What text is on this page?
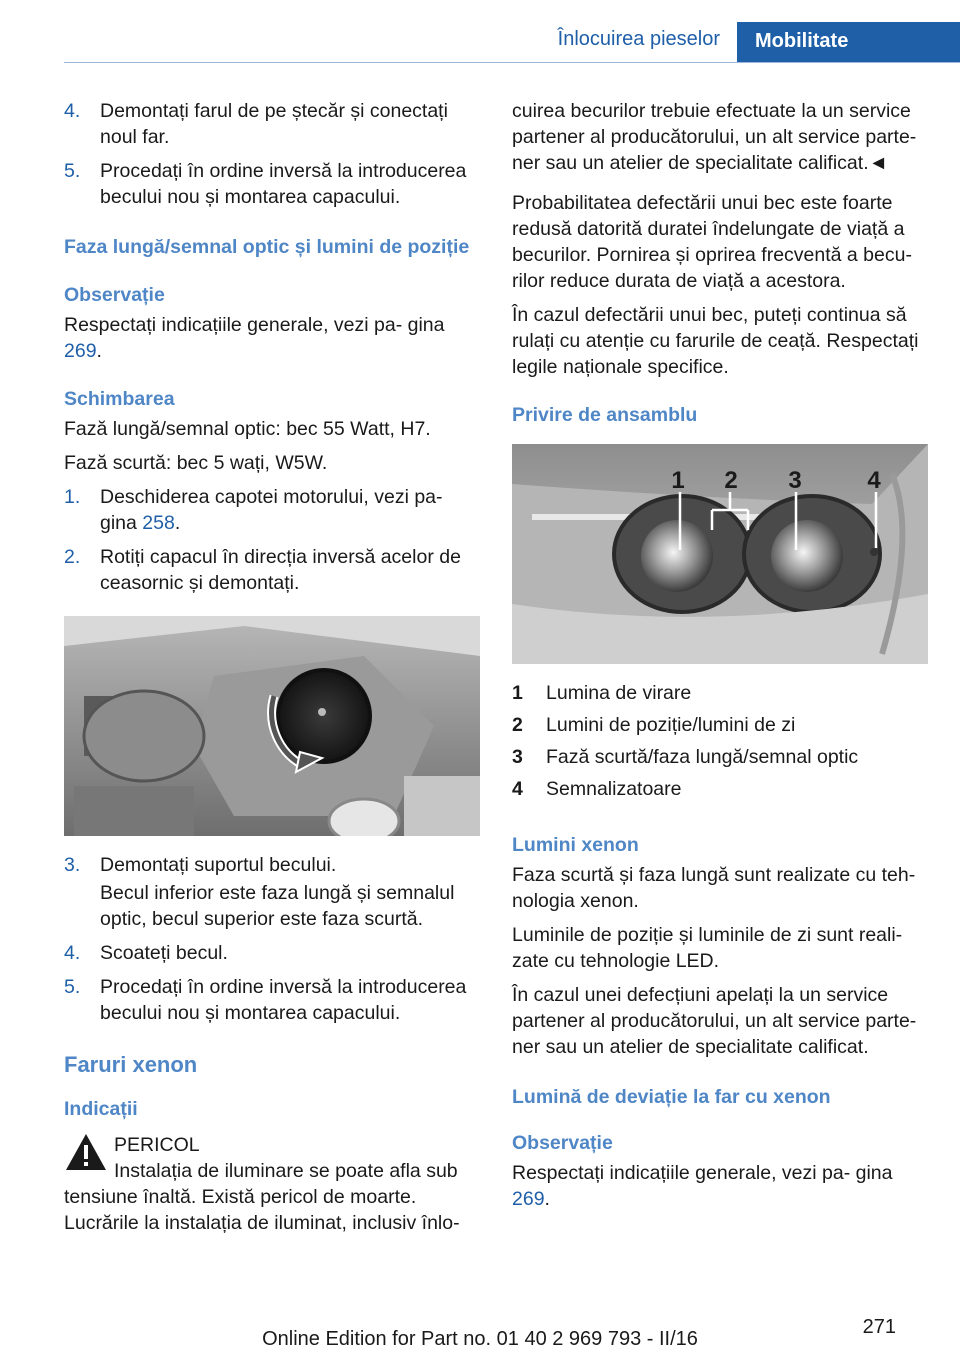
Înlocuirea pieselor	Mobilitate
4.	Demontați farul de pe ștecăr și conectați noul far.
5.	Procedați în ordine inversă la introducerea becului nou și montarea capacului.
Faza lungă/semnal optic și lumini de poziție
Observație

Respectați indicațiile generale, vezi pa‐ gina 269.

Schimbarea

Fază lungă/semnal optic: bec 55 Watt, H7.

Fază scurtă: bec 5 wați, W5W.

1.	Deschiderea capotei motorului, vezi pa‐ gina 258.
2.	Rotiți capacul în direcția inversă acelor de ceasornic și demontați.
3.	Demontați suportul becului.
Becul inferior este faza lungă și semnalul optic, becul superior este faza scurtă.
4.	Scoateți becul.
5.	Procedați în ordine inversă la introducerea becului nou și montarea capacului.
Faruri xenon
Indicații
PERICOL
Instalația de iluminare se poate afla sub tensiune înaltă. Există pericol de moarte. Lucrările la instalația de iluminat, inclusiv înlo‐

cuirea becurilor trebuie efectuate la un service partener al producătorului, un alt service parte‐ ner sau un atelier de specialitate calificat.◄

Probabilitatea defectării unui bec este foarte redusă datorită duratei îndelungate de viață a becurilor. Pornirea și oprirea frecventă a becu‐ rilor reduce durata de viață a acestora.

În cazul defectării unui bec, puteți continua să rulați cu atenție cu farurile de ceață. Respectați legile naționale specifice.

Privire de ansamblu
1 2 3	4
1	Lumina de virare
2	Lumini de poziție/lumini de zi
3	Fază scurtă/faza lungă/semnal optic
4	Semnalizatoare
Lumini xenon

Faza scurtă și faza lungă sunt realizate cu teh‐ nologia xenon.

Luminile de poziție și luminile de zi sunt reali‐ zate cu tehnologie LED.

În cazul unei defecțiuni apelați la un service partener al producătorului, un alt service parte‐ ner sau un atelier de specialitate calificat.

Lumină de deviație la far cu xenon
Observație

Respectați indicațiile generale, vezi pa‐ gina 269.

271
Online Edition for Part no. 01 40 2 969 793 - II/16
